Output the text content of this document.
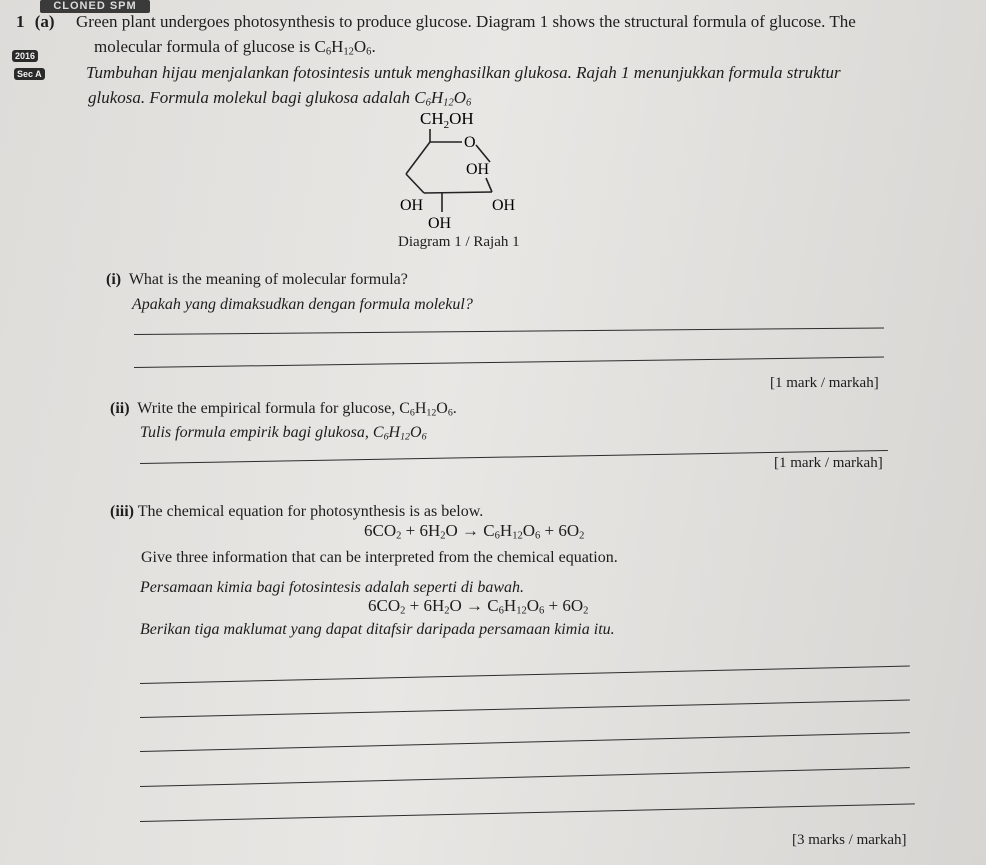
CLONED SPM
2016
Sec A
1 (a) Green plant undergoes photosynthesis to produce glucose. Diagram 1 shows the structural formula of glucose. The
molecular formula of glucose is $C_6H_{12}O_6$.
Tumbuhan hijau menjalankan fotosintesis untuk menghasilkan glukosa. Rajah 1 menunjukkan formula struktur
glukosa. Formula molekul bagi glukosa adalah $C_6H_{12}O_6$
$CH_2OH$
O
OH
OH	OH
OH
Diagram 1 / Rajah 1
(i) What is the meaning of molecular formula?
Apakah yang dimaksudkan dengan formula molekul?
[1 mark / markah]
(ii) Write the empirical formula for glucose, $C_6H_{12}O_6$.
Tulis formula empirik bagi glukosa, $C_6H_{12}O_6$
[1 mark / markah]
(iii) The chemical equation for photosynthesis is as below.
$6CO_2 + 6H_2O \to C_6H_{12}O_6 + 6O_2$
Give three information that can be interpreted from the chemical equation.
Persamaan kimia bagi fotosintesis adalah seperti di bawah.
$6CO_2 + 6H_2O \to C_6H_{12}O_6 + 6O_2$
Berikan tiga maklumat yang dapat ditafsir daripada persamaan kimia itu.
[3 marks / markah]
